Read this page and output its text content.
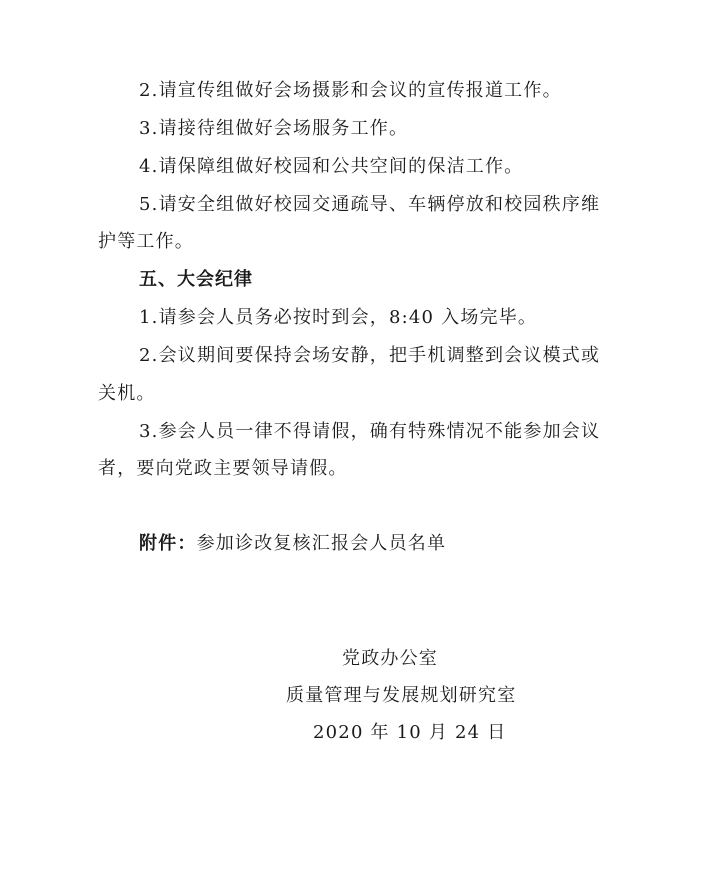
2.请宣传组做好会场摄影和会议的宣传报道工作。
3.请接待组做好会场服务工作。
4.请保障组做好校园和公共空间的保洁工作。
5.请安全组做好校园交通疏导、车辆停放和校园秩序维
护等工作。
五、大会纪律
1.请参会人员务必按时到会，8:40 入场完毕。
2.会议期间要保持会场安静，把手机调整到会议模式或
关机。
3.参会人员一律不得请假，确有特殊情况不能参加会议
者，要向党政主要领导请假。
附件：参加诊改复核汇报会人员名单
党政办公室
质量管理与发展规划研究室
2020 年 10 月 24 日
